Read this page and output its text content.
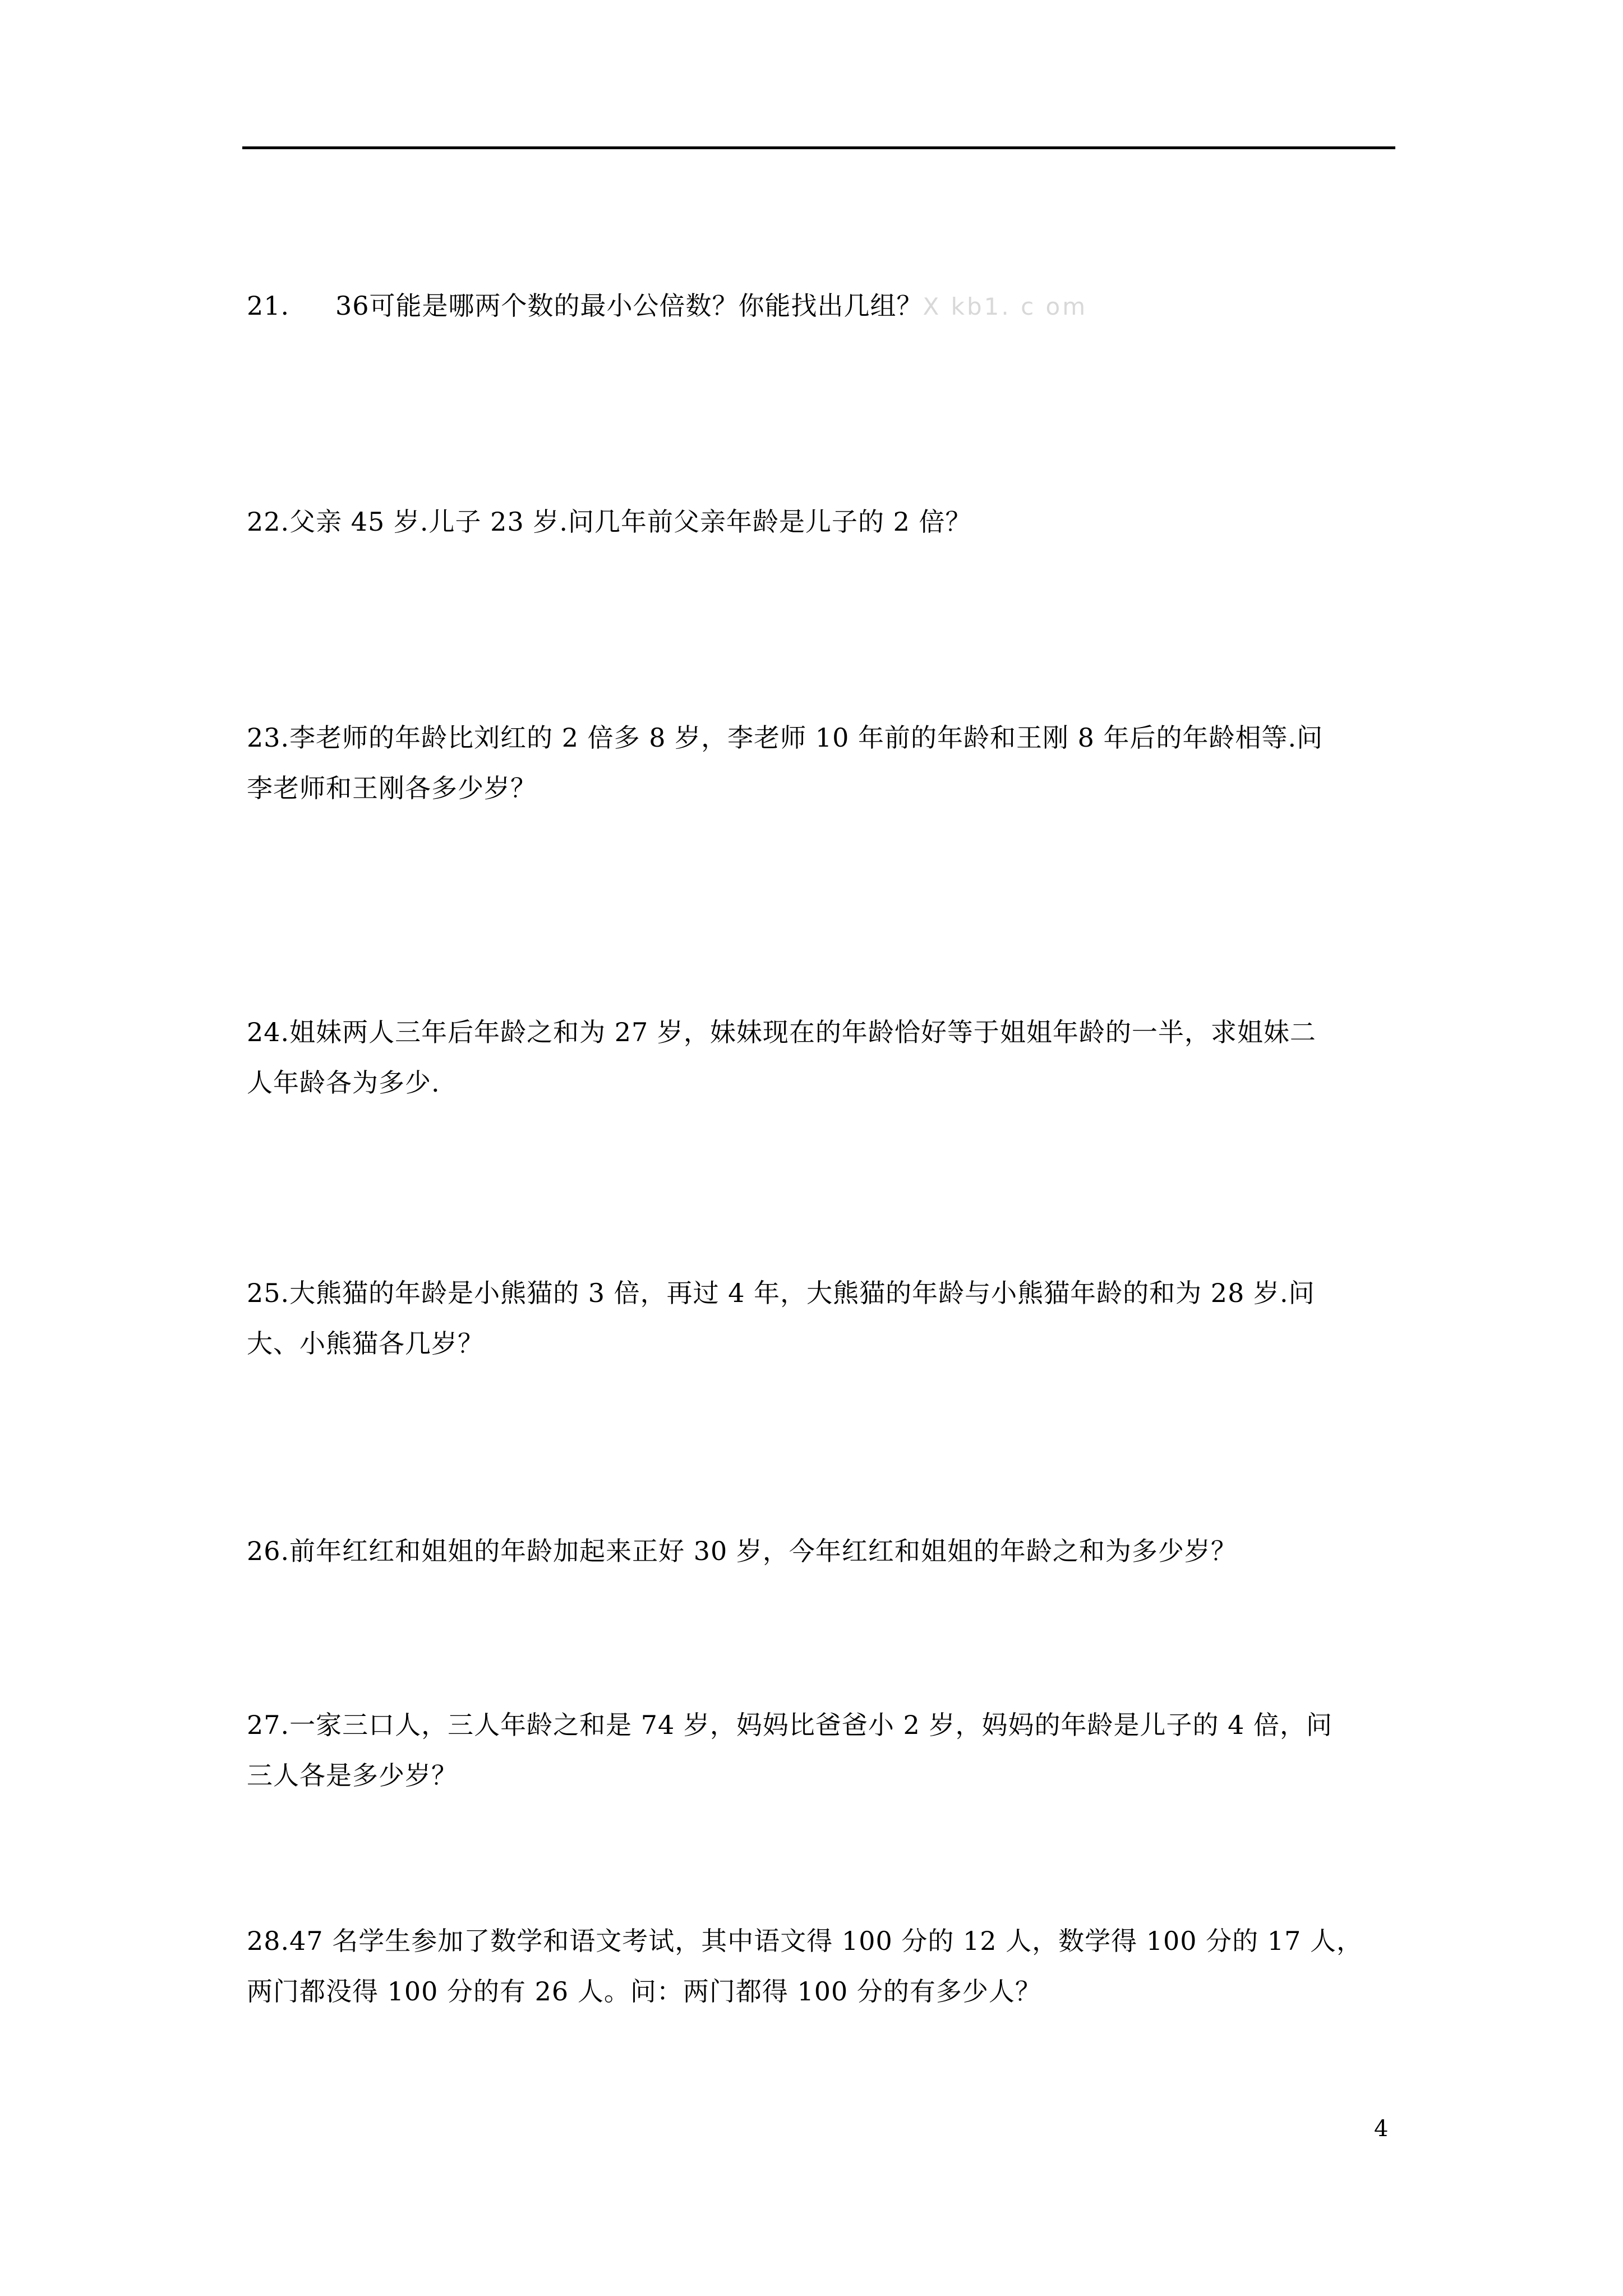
21. 36可能是哪两个数的最小公倍数？你能找出几组？X kb1. c om
22.父亲 45 岁.儿子 23 岁.问几年前父亲年龄是儿子的 2 倍？
23.李老师的年龄比刘红的 2 倍多 8 岁，李老师 10 年前的年龄和王刚 8 年后的年龄相等.问
李老师和王刚各多少岁？
24.姐妹两人三年后年龄之和为 27 岁，妹妹现在的年龄恰好等于姐姐年龄的一半，求姐妹二
人年龄各为多少.
25.大熊猫的年龄是小熊猫的 3 倍，再过 4 年，大熊猫的年龄与小熊猫年龄的和为 28 岁.问
大、小熊猫各几岁？
26.前年红红和姐姐的年龄加起来正好 30 岁，今年红红和姐姐的年龄之和为多少岁？
27.一家三口人，三人年龄之和是 74 岁，妈妈比爸爸小 2 岁，妈妈的年龄是儿子的 4 倍，问
三人各是多少岁？
28.47 名学生参加了数学和语文考试，其中语文得 100 分的 12 人，数学得 100 分的 17 人，
两门都没得 100 分的有 26 人。问：两门都得 100 分的有多少人？
4
